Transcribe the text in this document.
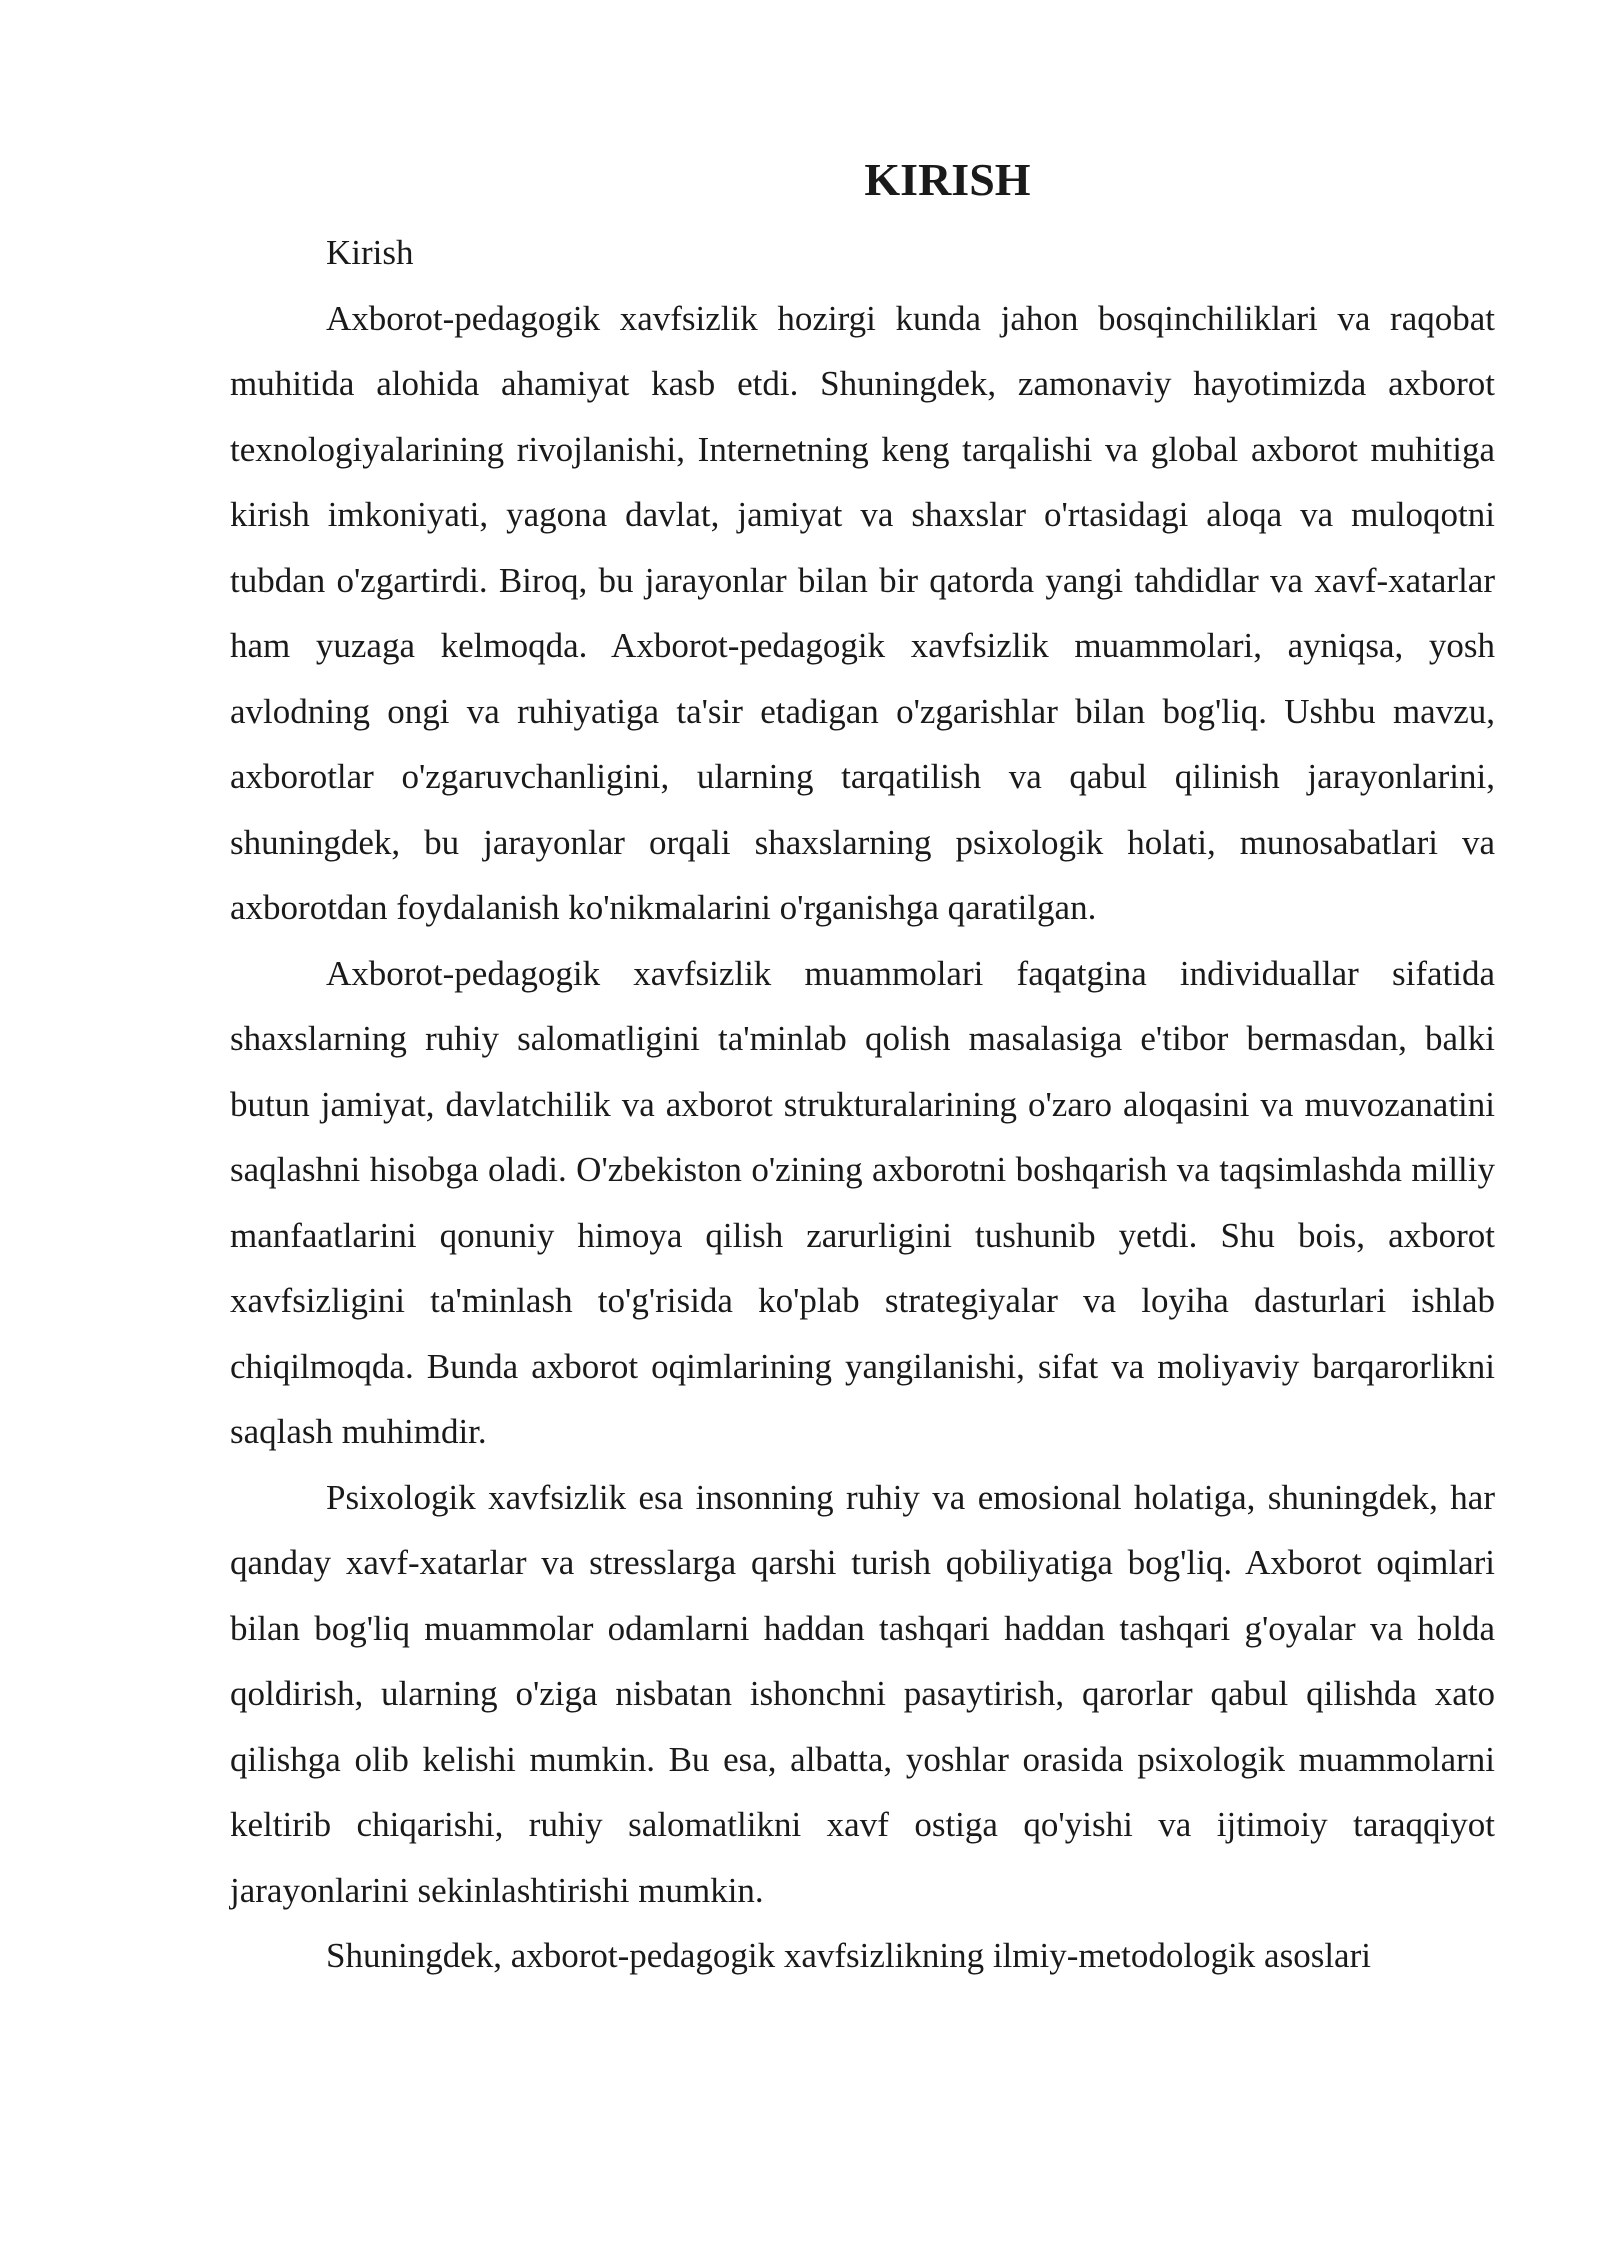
KIRISH

Kirish

Axborot-pedagogik xavfsizlik hozirgi kunda jahon bosqinchiliklari va raqobat muhitida alohida ahamiyat kasb etdi. Shuningdek, zamonaviy hayotimizda axborot texnologiyalarining rivojlanishi, Internetning keng tarqalishi va global axborot muhitiga kirish imkoniyati, yagona davlat, jamiyat va shaxslar o'rtasidagi aloqa va muloqotni tubdan o'zgartirdi. Biroq, bu jarayonlar bilan bir qatorda yangi tahdidlar va xavf-xatarlar ham yuzaga kelmoqda. Axborot-pedagogik xavfsizlik muammolari, ayniqsa, yosh avlodning ongi va ruhiyatiga ta'sir etadigan o'zgarishlar bilan bog'liq. Ushbu mavzu, axborotlar o'zgaruvchanligini, ularning tarqatilish va qabul qilinish jarayonlarini, shuningdek, bu jarayonlar orqali shaxslarning psixologik holati, munosabatlari va axborotdan foydalanish ko'nikmalarini o'rganishga qaratilgan.

Axborot-pedagogik xavfsizlik muammolari faqatgina individuallar sifatida shaxslarning ruhiy salomatligini ta'minlab qolish masalasiga e'tibor bermasdan, balki butun jamiyat, davlatchilik va axborot strukturalarining o'zaro aloqasini va muvozanatini saqlashni hisobga oladi. O'zbekiston o'zining axborotni boshqarish va taqsimlashda milliy manfaatlarini qonuniy himoya qilish zarurligini tushunib yetdi. Shu bois, axborot xavfsizligini ta'minlash to'g'risida ko'plab strategiyalar va loyiha dasturlari ishlab chiqilmoqda. Bunda axborot oqimlarining yangilanishi, sifat va moliyaviy barqarorlikni saqlash muhimdir.

Psixologik xavfsizlik esa insonning ruhiy va emosional holatiga, shuningdek, har qanday xavf-xatarlar va stresslarga qarshi turish qobiliyatiga bog'liq. Axborot oqimlari bilan bog'liq muammolar odamlarni haddan tashqari haddan tashqari g'oyalar va holda qoldirish, ularning o'ziga nisbatan ishonchni pasaytirish, qarorlar qabul qilishda xato qilishga olib kelishi mumkin. Bu esa, albatta, yoshlar orasida psixologik muammolarni keltirib chiqarishi, ruhiy salomatlikni xavf ostiga qo'yishi va ijtimoiy taraqqiyot jarayonlarini sekinlashtirishi mumkin.

Shuningdek, axborot-pedagogik xavfsizlikning ilmiy-metodologik asoslari
